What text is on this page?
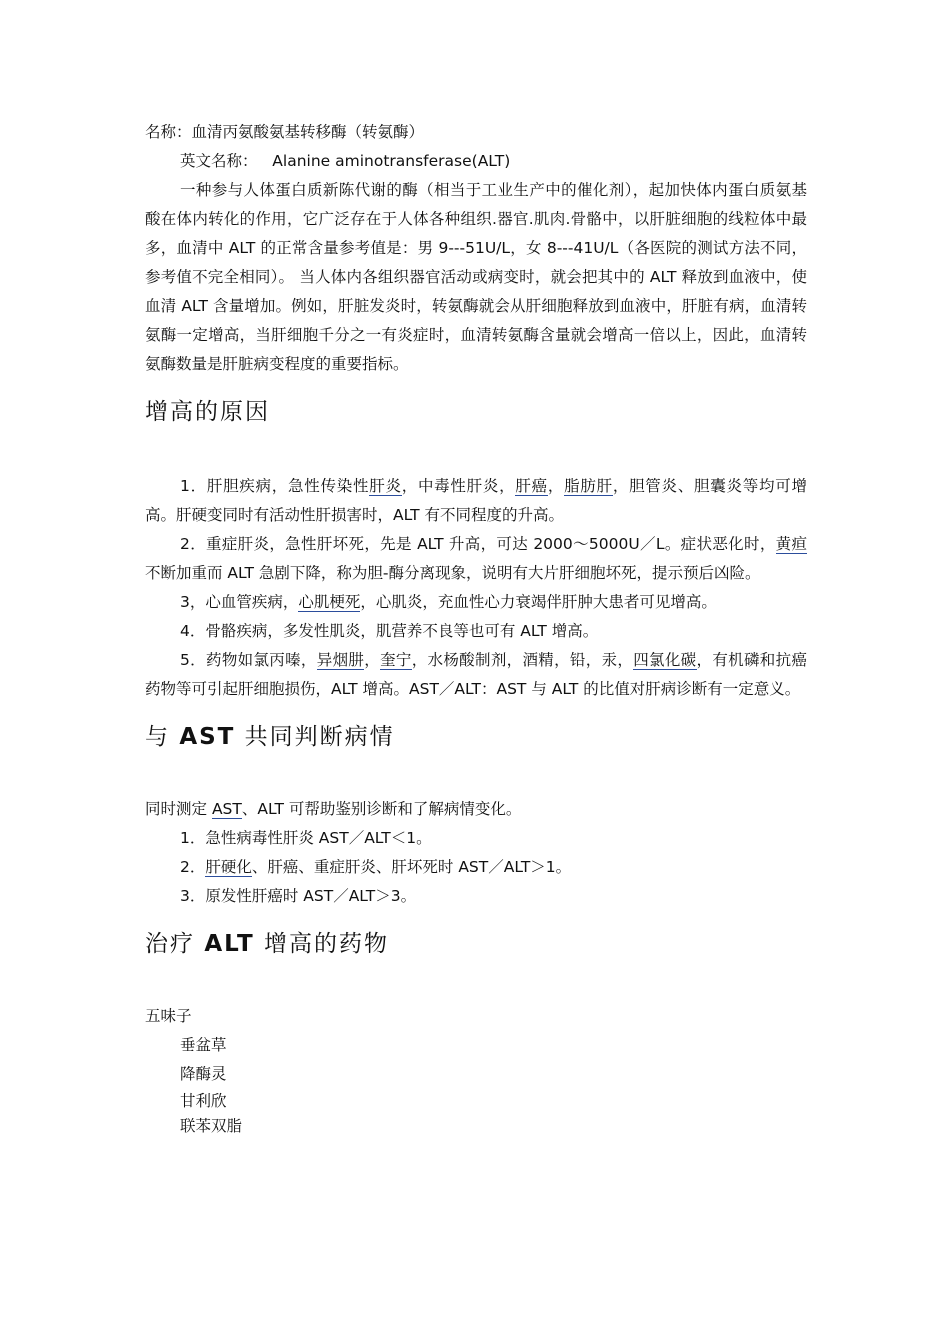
名称：血清丙氨酸氨基转移酶（转氨酶）

英文名称： Alanine aminotransferase(ALT)

一种参与人体蛋白质新陈代谢的酶（相当于工业生产中的催化剂），起加快体内蛋白质氨基酸在体内转化的作用，它广泛存在于人体各种组织.器官.肌肉.骨骼中，以肝脏细胞的线粒体中最多，血清中 ALT 的正常含量参考值是：男 9---51U/L，女 8---41U/L（各医院的测试方法不同，参考值不完全相同）。 当人体内各组织器官活动或病变时，就会把其中的 ALT 释放到血液中，使血清 ALT 含量增加。例如，肝脏发炎时，转氨酶就会从肝细胞释放到血液中，肝脏有病，血清转氨酶一定增高，当肝细胞千分之一有炎症时，血清转氨酶含量就会增高一倍以上，因此，血清转氨酶数量是肝脏病变程度的重要指标。

增高的原因

1．肝胆疾病，急性传染性肝炎，中毒性肝炎，肝癌，脂肪肝，胆管炎、胆囊炎等均可增高。肝硬变同时有活动性肝损害时，ALT 有不同程度的升高。

2．重症肝炎，急性肝坏死，先是 ALT 升高，可达 2000～5000U／L。症状恶化时，黄疸不断加重而 ALT 急剧下降，称为胆-酶分离现象，说明有大片肝细胞坏死，提示预后凶险。

3，心血管疾病，心肌梗死，心肌炎，充血性心力衰竭伴肝肿大患者可见增高。

4．骨骼疾病，多发性肌炎，肌营养不良等也可有 ALT 增高。

5．药物如氯丙嗪，异烟肼，奎宁，水杨酸制剂，酒精，铅，汞，四氯化碳，有机磷和抗癌药物等可引起肝细胞损伤，ALT 增高。AST／ALT：AST 与 ALT 的比值对肝病诊断有一定意义。

与 AST 共同判断病情

同时测定 AST、ALT 可帮助鉴别诊断和了解病情变化。

1．急性病毒性肝炎 AST／ALT＜1。

2．肝硬化、肝癌、重症肝炎、肝坏死时 AST／ALT＞1。

3．原发性肝癌时 AST／ALT＞3。

治疗 ALT 增高的药物

五味子

垂盆草

降酶灵

甘利欣

联苯双脂
